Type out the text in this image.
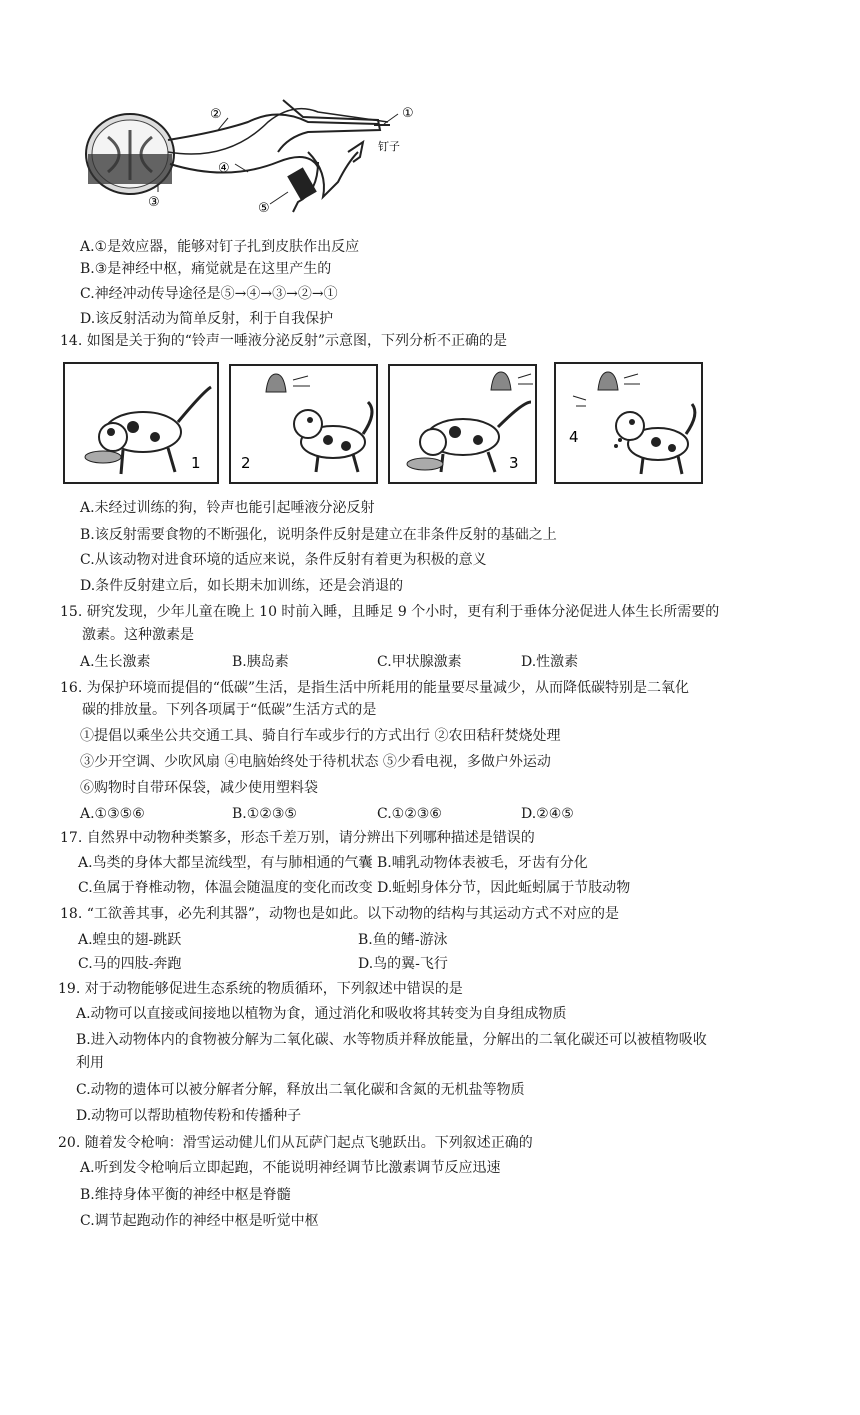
②	①
④
③	⑤
钉子
A.①是效应器，能够对钉子扎到皮肤作出反应
B.③是神经中枢，痛觉就是在这里产生的
C.神经冲动传导途径是⑤→④→③→②→①
D.该反射活动为简单反射，利于自我保护
14. 如图是关于狗的“铃声一唾液分泌反射”示意图，下列分析不正确的是
1	2	3
4
A.未经过训练的狗，铃声也能引起唾液分泌反射
B.该反射需要食物的不断强化，说明条件反射是建立在非条件反射的基础之上
C.从该动物对进食环境的适应来说，条件反射有着更为积极的意义
D.条件反射建立后，如长期未加训练，还是会消退的
15. 研究发现，少年儿童在晚上 10 时前入睡，且睡足 9 个小时，更有利于垂体分泌促进人体生长所需要的
激素。这种激素是
A.生长激素	B.胰岛素	C.甲状腺激素	D.性激素
16. 为保护环境而提倡的“低碳”生活，是指生活中所耗用的能量要尽量减少，从而降低碳特别是二氧化
碳的排放量。下列各项属于“低碳”生活方式的是
①提倡以乘坐公共交通工具、骑自行车或步行的方式出行 ②农田秸秆焚烧处理
③少开空调、少吹风扇 ④电脑始终处于待机状态 ⑤少看电视，多做户外运动
⑥购物时自带环保袋，减少使用塑料袋
A.①③⑤⑥	B.①②③⑤	C.①②③⑥	D.②④⑤
17. 自然界中动物种类繁多，形态千差万别，请分辨出下列哪种描述是错误的
A.鸟类的身体大都呈流线型，有与肺相通的气囊 B.哺乳动物体表被毛，牙齿有分化
C.鱼属于脊椎动物，体温会随温度的变化而改变 D.蚯蚓身体分节，因此蚯蚓属于节肢动物
18. “工欲善其事，必先利其器”，动物也是如此。以下动物的结构与其运动方式不对应的是
A.蝗虫的翅-跳跃	B.鱼的鳍-游泳
C.马的四肢-奔跑	D.鸟的翼-飞行
19. 对于动物能够促进生态系统的物质循环，下列叙述中错误的是
A.动物可以直接或间接地以植物为食，通过消化和吸收将其转变为自身组成物质
B.进入动物体内的食物被分解为二氧化碳、水等物质并释放能量，分解出的二氧化碳还可以被植物吸收
利用
C.动物的遗体可以被分解者分解，释放出二氧化碳和含氮的无机盐等物质
D.动物可以帮助植物传粉和传播种子
20. 随着发令枪响：滑雪运动健儿们从瓦萨门起点飞驰跃出。下列叙述正确的
A.听到发令枪响后立即起跑，不能说明神经调节比激素调节反应迅速
B.维持身体平衡的神经中枢是脊髓
C.调节起跑动作的神经中枢是听觉中枢
